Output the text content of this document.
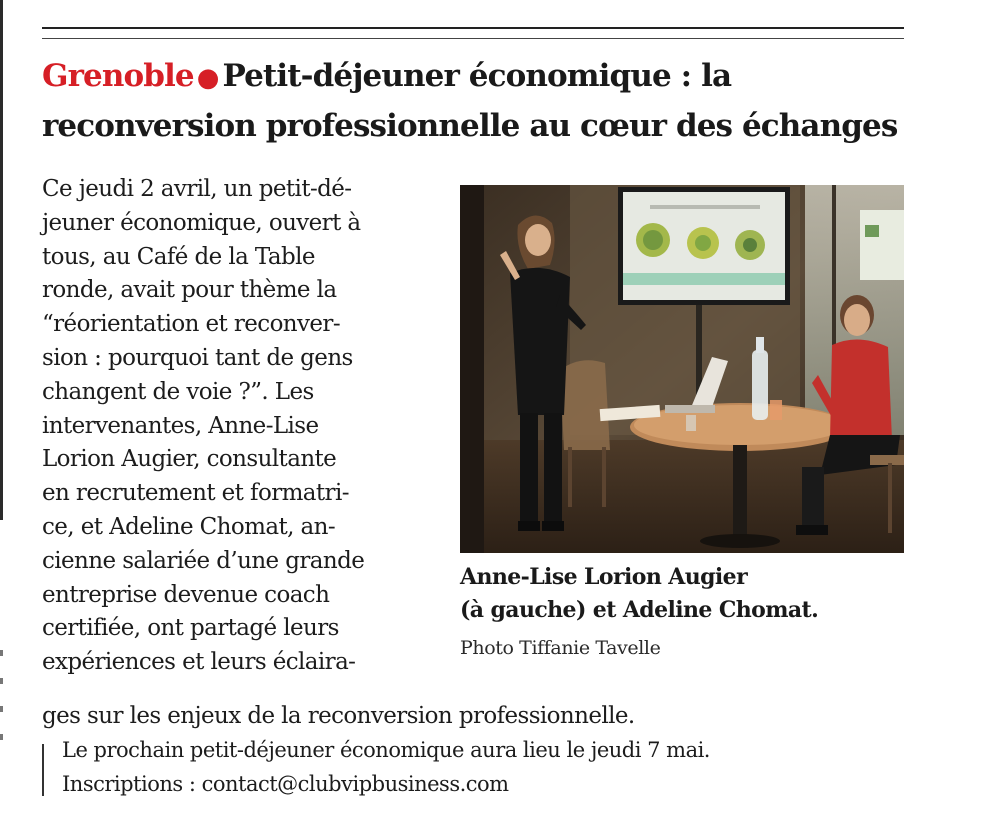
Grenoble ● Petit-déjeuner économique : la
reconversion professionnelle au cœur des échanges
Ce jeudi 2 avril, un petit-dé-
jeuner économique, ouvert à
tous, au Café de la Table
ronde, avait pour thème la
“réorientation et reconver-
sion : pourquoi tant de gens
changent de voie ?”. Les
intervenantes, Anne-Lise
Lorion Augier, consultante
en recrutement et formatri-
ce, et Adeline Chomat, an-
cienne salariée d’une grande
entreprise devenue coach
certifiée, ont partagé leurs
expériences et leurs éclaira-
ges sur les enjeux de la reconversion professionnelle.
Anne-Lise Lorion Augier
(à gauche) et Adeline Chomat.
Photo Tiffanie Tavelle
Le prochain petit-déjeuner économique aura lieu le jeudi 7 mai.
Inscriptions : contact@clubvipbusiness.com
